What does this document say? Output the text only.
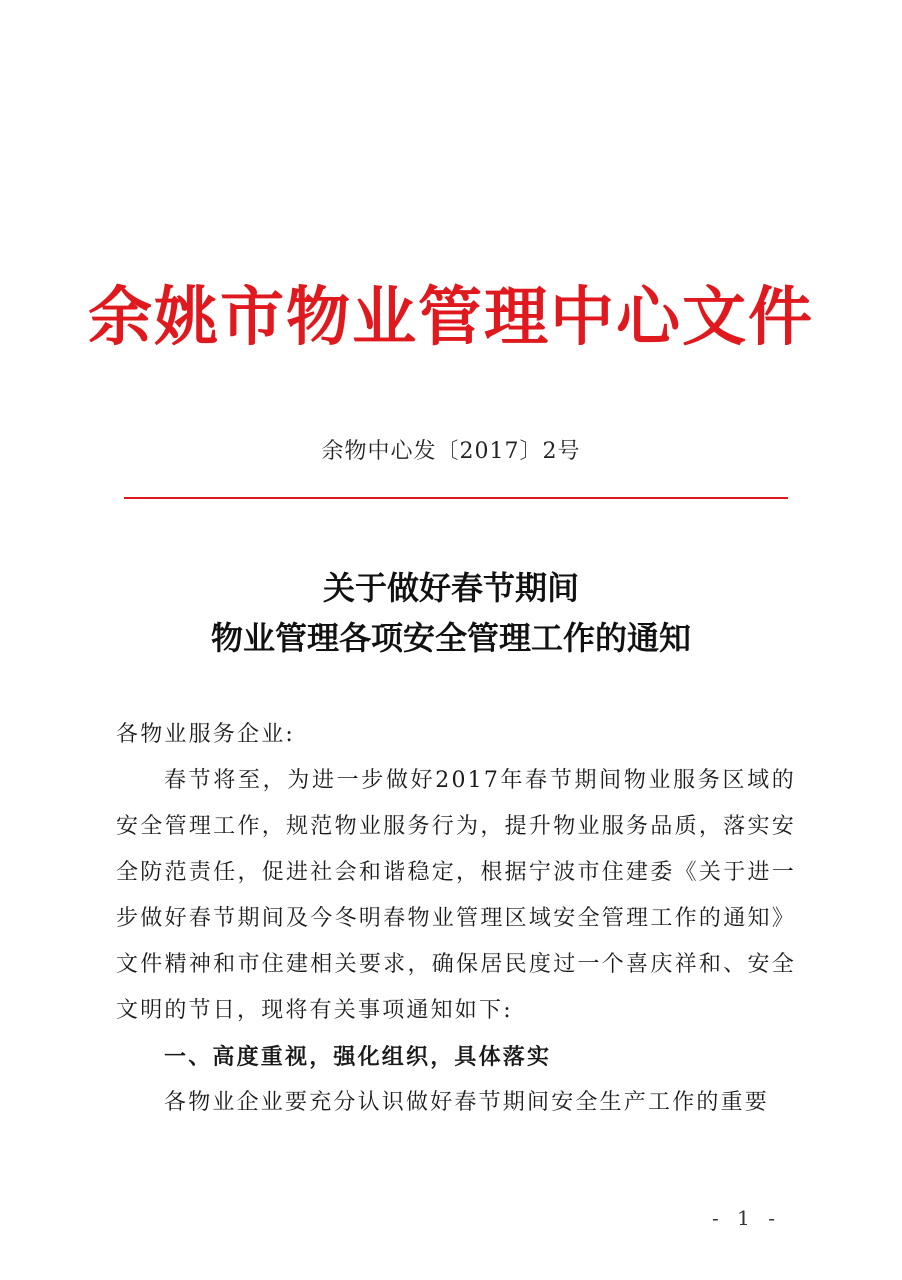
余姚市物业管理中心文件
余物中心发〔2017〕2号
关于做好春节期间
物业管理各项安全管理工作的通知

各物业服务企业:

春节将至，为进一步做好2017年春节期间物业服务区域的安全管理工作，规范物业服务行为，提升物业服务品质，落实安全防范责任，促进社会和谐稳定，根据宁波市住建委《关于进一步做好春节期间及今冬明春物业管理区域安全管理工作的通知》文件精神和市住建相关要求，确保居民度过一个喜庆祥和、安全文明的节日，现将有关事项通知如下:

一、高度重视，强化组织，具体落实

各物业企业要充分认识做好春节期间安全生产工作的重要

- 1 -
